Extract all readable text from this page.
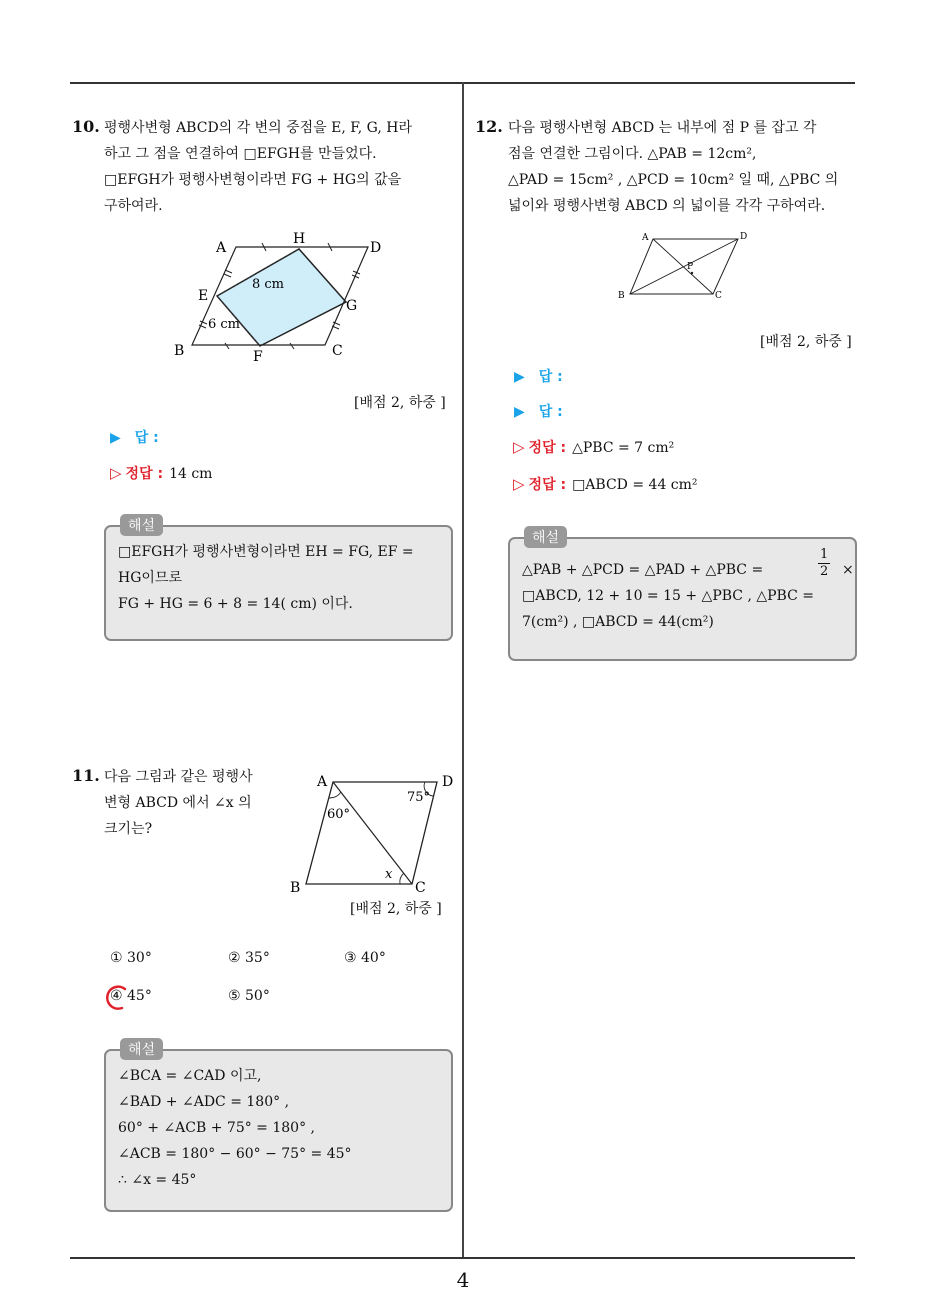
10. 평행사변형 ABCD의 각 변의 중점을 E, F, G, H라
하고 그 점을 연결하여 □EFGH를 만들었다.
□EFGH가 평행사변형이라면 FG + HG의 값을
구하여라.
A
H
D
E
G
B	F	C
8 cm
6 cm
[배점 2, 하중 ]
▶ 답 :
▷ 정답 : 14 cm
□EFGH가 평행사변형이라면 EH = FG, EF =
HG이므로
FG + HG = 6 + 8 = 14( cm) 이다.
해설
11. 다음 그림과 같은 평행사
변형 ABCD 에서 ∠x 의
크기는?
A	D
B	C
60°
75°
x
[배점 2, 하중 ]
① 30°	② 35°	③ 40°
④ 45°	⑤ 50°
∠BCA = ∠CAD 이고,
∠BAD + ∠ADC = 180° ,
60° + ∠ACB + 75° = 180° ,
∠ACB = 180° − 60° − 75° = 45°
∴ ∠x = 45°
해설
12. 다음 평행사변형 ABCD 는 내부에 점 P 를 잡고 각
점을 연결한 그림이다. △PAB = 12cm²,
△PAD = 15cm² , △PCD = 10cm² 일 때, △PBC 의
넓이와 평행사변형 ABCD 의 넓이를 각각 구하여라.
A	D
B	C
P
[배점 2, 하중 ]
▶ 답 :
▶ 답 :
▷ 정답 : △PBC = 7 cm²
▷ 정답 : □ABCD = 44 cm²
△PAB + △PCD = △PAD + △PBC =	$\frac{1}{2}$ ×
□ABCD, 12 + 10 = 15 + △PBC , △PBC =
7(cm²) , □ABCD = 44(cm²)
해설
4
